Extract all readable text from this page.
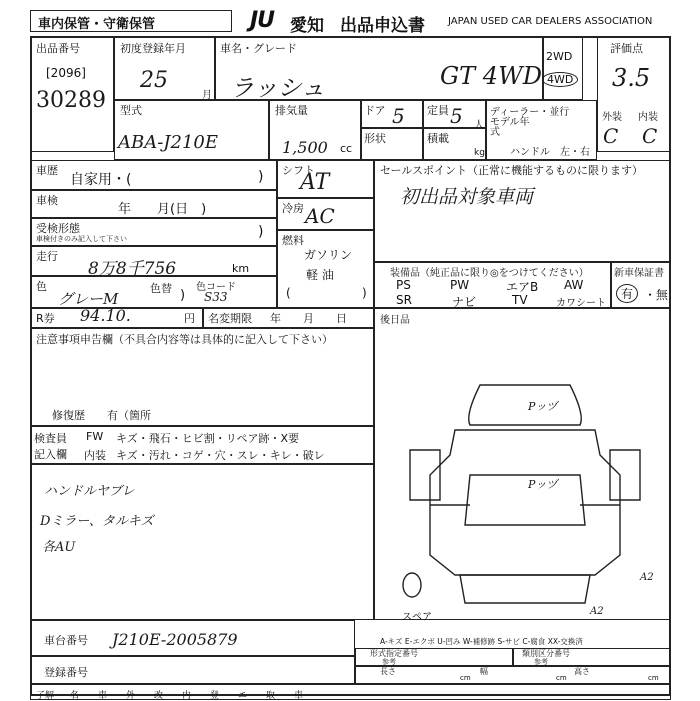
車内保管・守衛保管	JU 愛知 出品申込書 JAPAN USED CAR DEALERS ASSOCIATION
出品番号
[2096]
30289
初度登録年月
25
月
車名・グレード
ラッシュ	GT 4WD
2WD
4WD
評価点
3.5
外装 内装
C C
型式
ABA-J210E
排気量
1,500 cc
ドア 5 定員 5 人
形状	積載
kg
ディーラー・並行
モデル年式
ハンドル 左・右
車歴
自家用・(	)
車検
年　　月(日　)
受検形態
車検付きのみ記入して下さい	)
走行
8万8千756	km
色
グレーM
色替 )
色コード
S33
シフト
AT
冷房 AC
燃料
ガソリン
軽 油
(	)
セールスポイント（正常に機能するものに限ります）
初出品対象車両
装備品（純正品に限り◎をつけてください）
PS	PW	エアB AW
SR	ナビ	TV	カワシート
新車保証書
有 ・ 無
R券 94.10.	円 名変期限 年　　月　　日
注意事項申告欄（不具合内容等は具体的に記入して下さい）
修復歴　　有（箇所
後日品
検査員
記入欄
FW キズ・飛石・ヒビ割・リペア跡・X要
内装 キズ・汚れ・コゲ・穴・スレ・キレ・破レ
ハンドルヤブレ
Dミラー、タルキズ
各AU
Pッヅ
Pッヅ
A2
A2
スペア
A-キズ E-エクボ U-凹み W-補修跡 S-サビ C-腐食 XX-交換済
車台番号 J210E-2005879
登録番号
形式指定番号
参考
類別区分番号
参考
長さ
cm
幅
cm
高さ
cm
了解 名 車 外 改 内 登 エ 取 車
